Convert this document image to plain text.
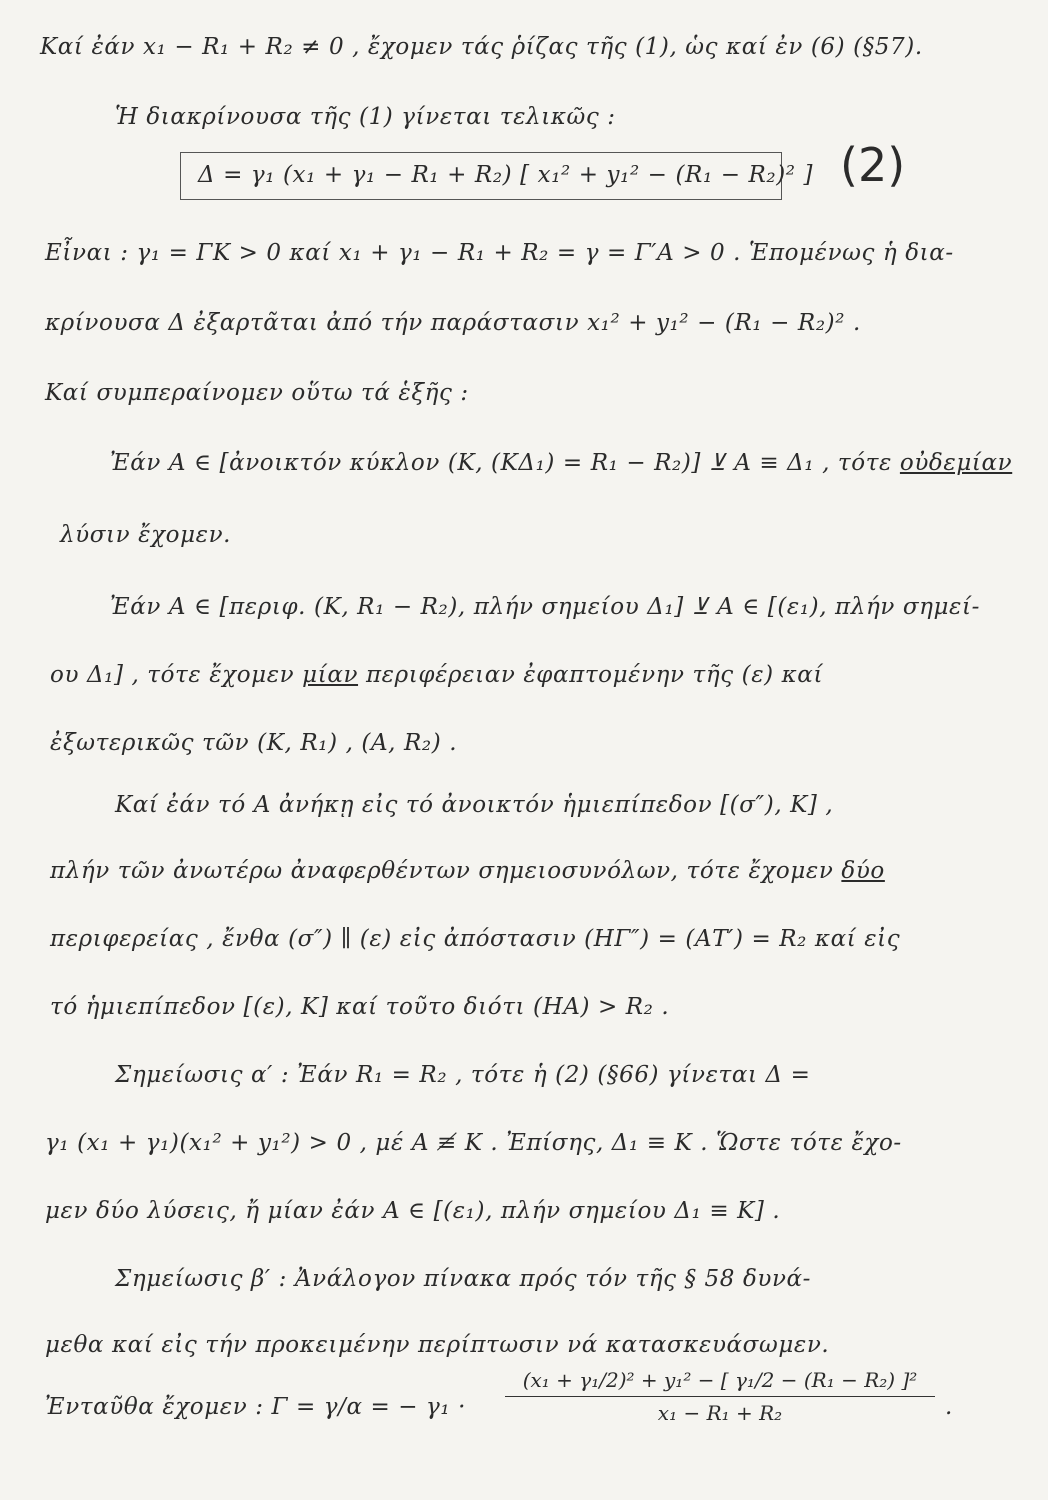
Καί ἐάν x₁ − R₁ + R₂ ≠ 0 , ἔχομεν τάς ῥίζας τῆς (1), ὡς καί ἐν (6) (§57).
Ἡ διακρίνουσα τῆς (1) γίνεται τελικῶς :
Δ = γ₁ (x₁ + γ₁ − R₁ + R₂) [ x₁² + y₁² − (R₁ − R₂)² ] (2)
Εἶναι : γ₁ = ΓΚ > 0 καί x₁ + γ₁ − R₁ + R₂ = γ = Γ′Α > 0 . Ἑπομένως ἡ δια-
κρίνουσα Δ ἐξαρτᾶται ἀπό τήν παράστασιν x₁² + y₁² − (R₁ − R₂)² .
Καί συμπεραίνομεν οὕτω τά ἑξῆς :
Ἐάν Α ∈ [ἀνοικτόν κύκλον (Κ, (ΚΔ₁) = R₁ − R₂)] ⊻ Α ≡ Δ₁ , τότε οὐδεμίαν
λύσιν ἔχομεν.
Ἐάν Α ∈ [περιφ. (Κ, R₁ − R₂), πλήν σημείου Δ₁] ⊻ Α ∈ [(ε₁), πλήν σημεί-
ου Δ₁] , τότε ἔχομεν μίαν περιφέρειαν ἐφαπτομένην τῆς (ε) καί
ἐξωτερικῶς τῶν (Κ, R₁) , (Α, R₂) .
Καί ἐάν τό Α ἀνήκῃ εἰς τό ἀνοικτόν ἡμιεπίπεδον [(σ″), Κ] ,
πλήν τῶν ἀνωτέρω ἀναφερθέντων σημειοσυνόλων, τότε ἔχομεν δύο
περιφερείας , ἔνθα (σ″) ∥ (ε) εἰς ἀπόστασιν (ΗΓ″) = (ΑΤ′) = R₂ καί εἰς
τό ἡμιεπίπεδον [(ε), Κ] καί τοῦτο διότι (ΗΑ) > R₂ .
Σημείωσις α′ : Ἐάν R₁ = R₂ , τότε ἡ (2) (§66) γίνεται Δ =
γ₁ (x₁ + γ₁)(x₁² + y₁²) > 0 , μέ Α ≢ Κ . Ἐπίσης, Δ₁ ≡ Κ . Ὥστε τότε ἔχο-
μεν δύο λύσεις, ἤ μίαν ἐάν Α ∈ [(ε₁), πλήν σημείου Δ₁ ≡ Κ] .
Σημείωσις β′ : Ἀνάλογον πίνακα πρός τόν τῆς § 58 δυνά-
μεθα καί εἰς τήν προκειμένην περίπτωσιν νά κατασκευάσωμεν.
Ἐνταῦθα ἔχομεν : Γ = γ/α = − γ₁ ·
(x₁ + γ₁/2)² + y₁² − [ γ₁/2 − (R₁ − R₂) ]²
x₁ − R₁ + R₂	.
